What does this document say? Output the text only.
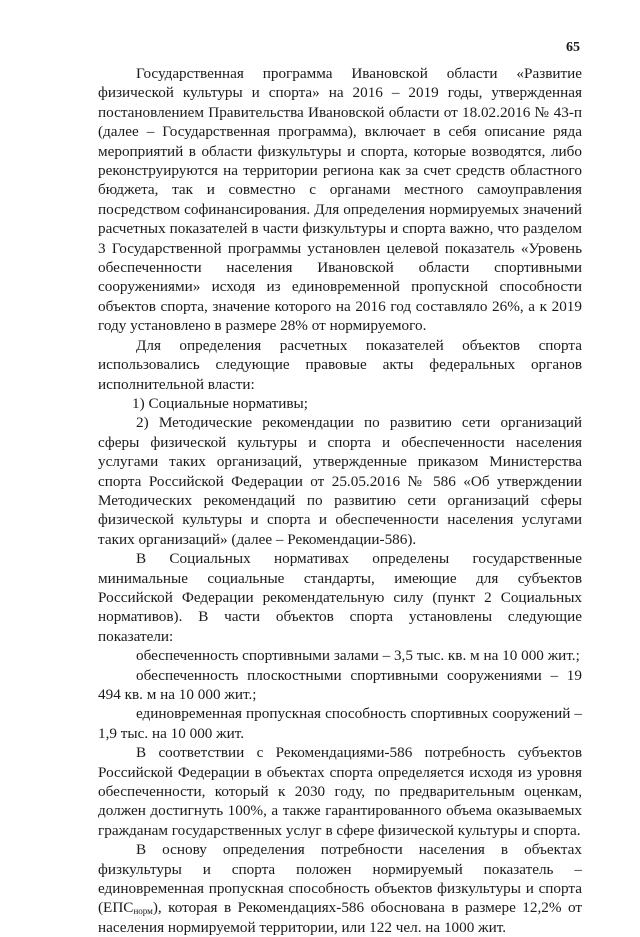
65

Государственная программа Ивановской области «Развитие физической культуры и спорта» на 2016 – 2019 годы, утвержденная постановлением Правительства Ивановской области от 18.02.2016 № 43-п (далее – Государственная программа), включает в себя описание ряда мероприятий в области физкультуры и спорта, которые возводятся, либо реконструируются на территории региона как за счет средств областного бюджета, так и совместно с органами местного самоуправления посредством софинансирования. Для определения нормируемых значений расчетных показателей в части физкультуры и спорта важно, что разделом 3 Государственной программы установлен целевой показатель «Уровень обеспеченности населения Ивановской области спортивными сооружениями» исходя из единовременной пропускной способности объектов спорта, значение которого на 2016 год составляло 26%, а к 2019 году установлено в размере 28% от нормируемого.

Для определения расчетных показателей объектов спорта использовались следующие правовые акты федеральных органов исполнительной власти:

1) Социальные нормативы;

2) Методические рекомендации по развитию сети организаций сферы физической культуры и спорта и обеспеченности населения услугами таких организаций, утвержденные приказом Министерства спорта Российской Федерации от 25.05.2016 № 586 «Об утверждении Методических рекомендаций по развитию сети организаций сферы физической культуры и спорта и обеспеченности населения услугами таких организаций» (далее – Рекомендации-586).

В Социальных нормативах определены государственные минимальные социальные стандарты, имеющие для субъектов Российской Федерации рекомендательную силу (пункт 2 Социальных нормативов). В части объектов спорта установлены следующие показатели:

обеспеченность спортивными залами – 3,5 тыс. кв. м на 10 000 жит.;

обеспеченность плоскостными спортивными сооружениями – 19 494 кв. м на 10 000 жит.;

единовременная пропускная способность спортивных сооружений – 1,9 тыс. на 10 000 жит.

В соответствии с Рекомендациями-586 потребность субъектов Российской Федерации в объектах спорта определяется исходя из уровня обеспеченности, который к 2030 году, по предварительным оценкам, должен достигнуть 100%, а также гарантированного объема оказываемых гражданам государственных услуг в сфере физической культуры и спорта.

В основу определения потребности населения в объектах физкультуры и спорта положен нормируемый показатель – единовременная пропускная способность объектов физкультуры и спорта $(ЕПС_{норм})$, которая в Рекомендациях-586 обоснована в размере 12,2% от населения нормируемой территории, или 122 чел. на 1000 жит.
